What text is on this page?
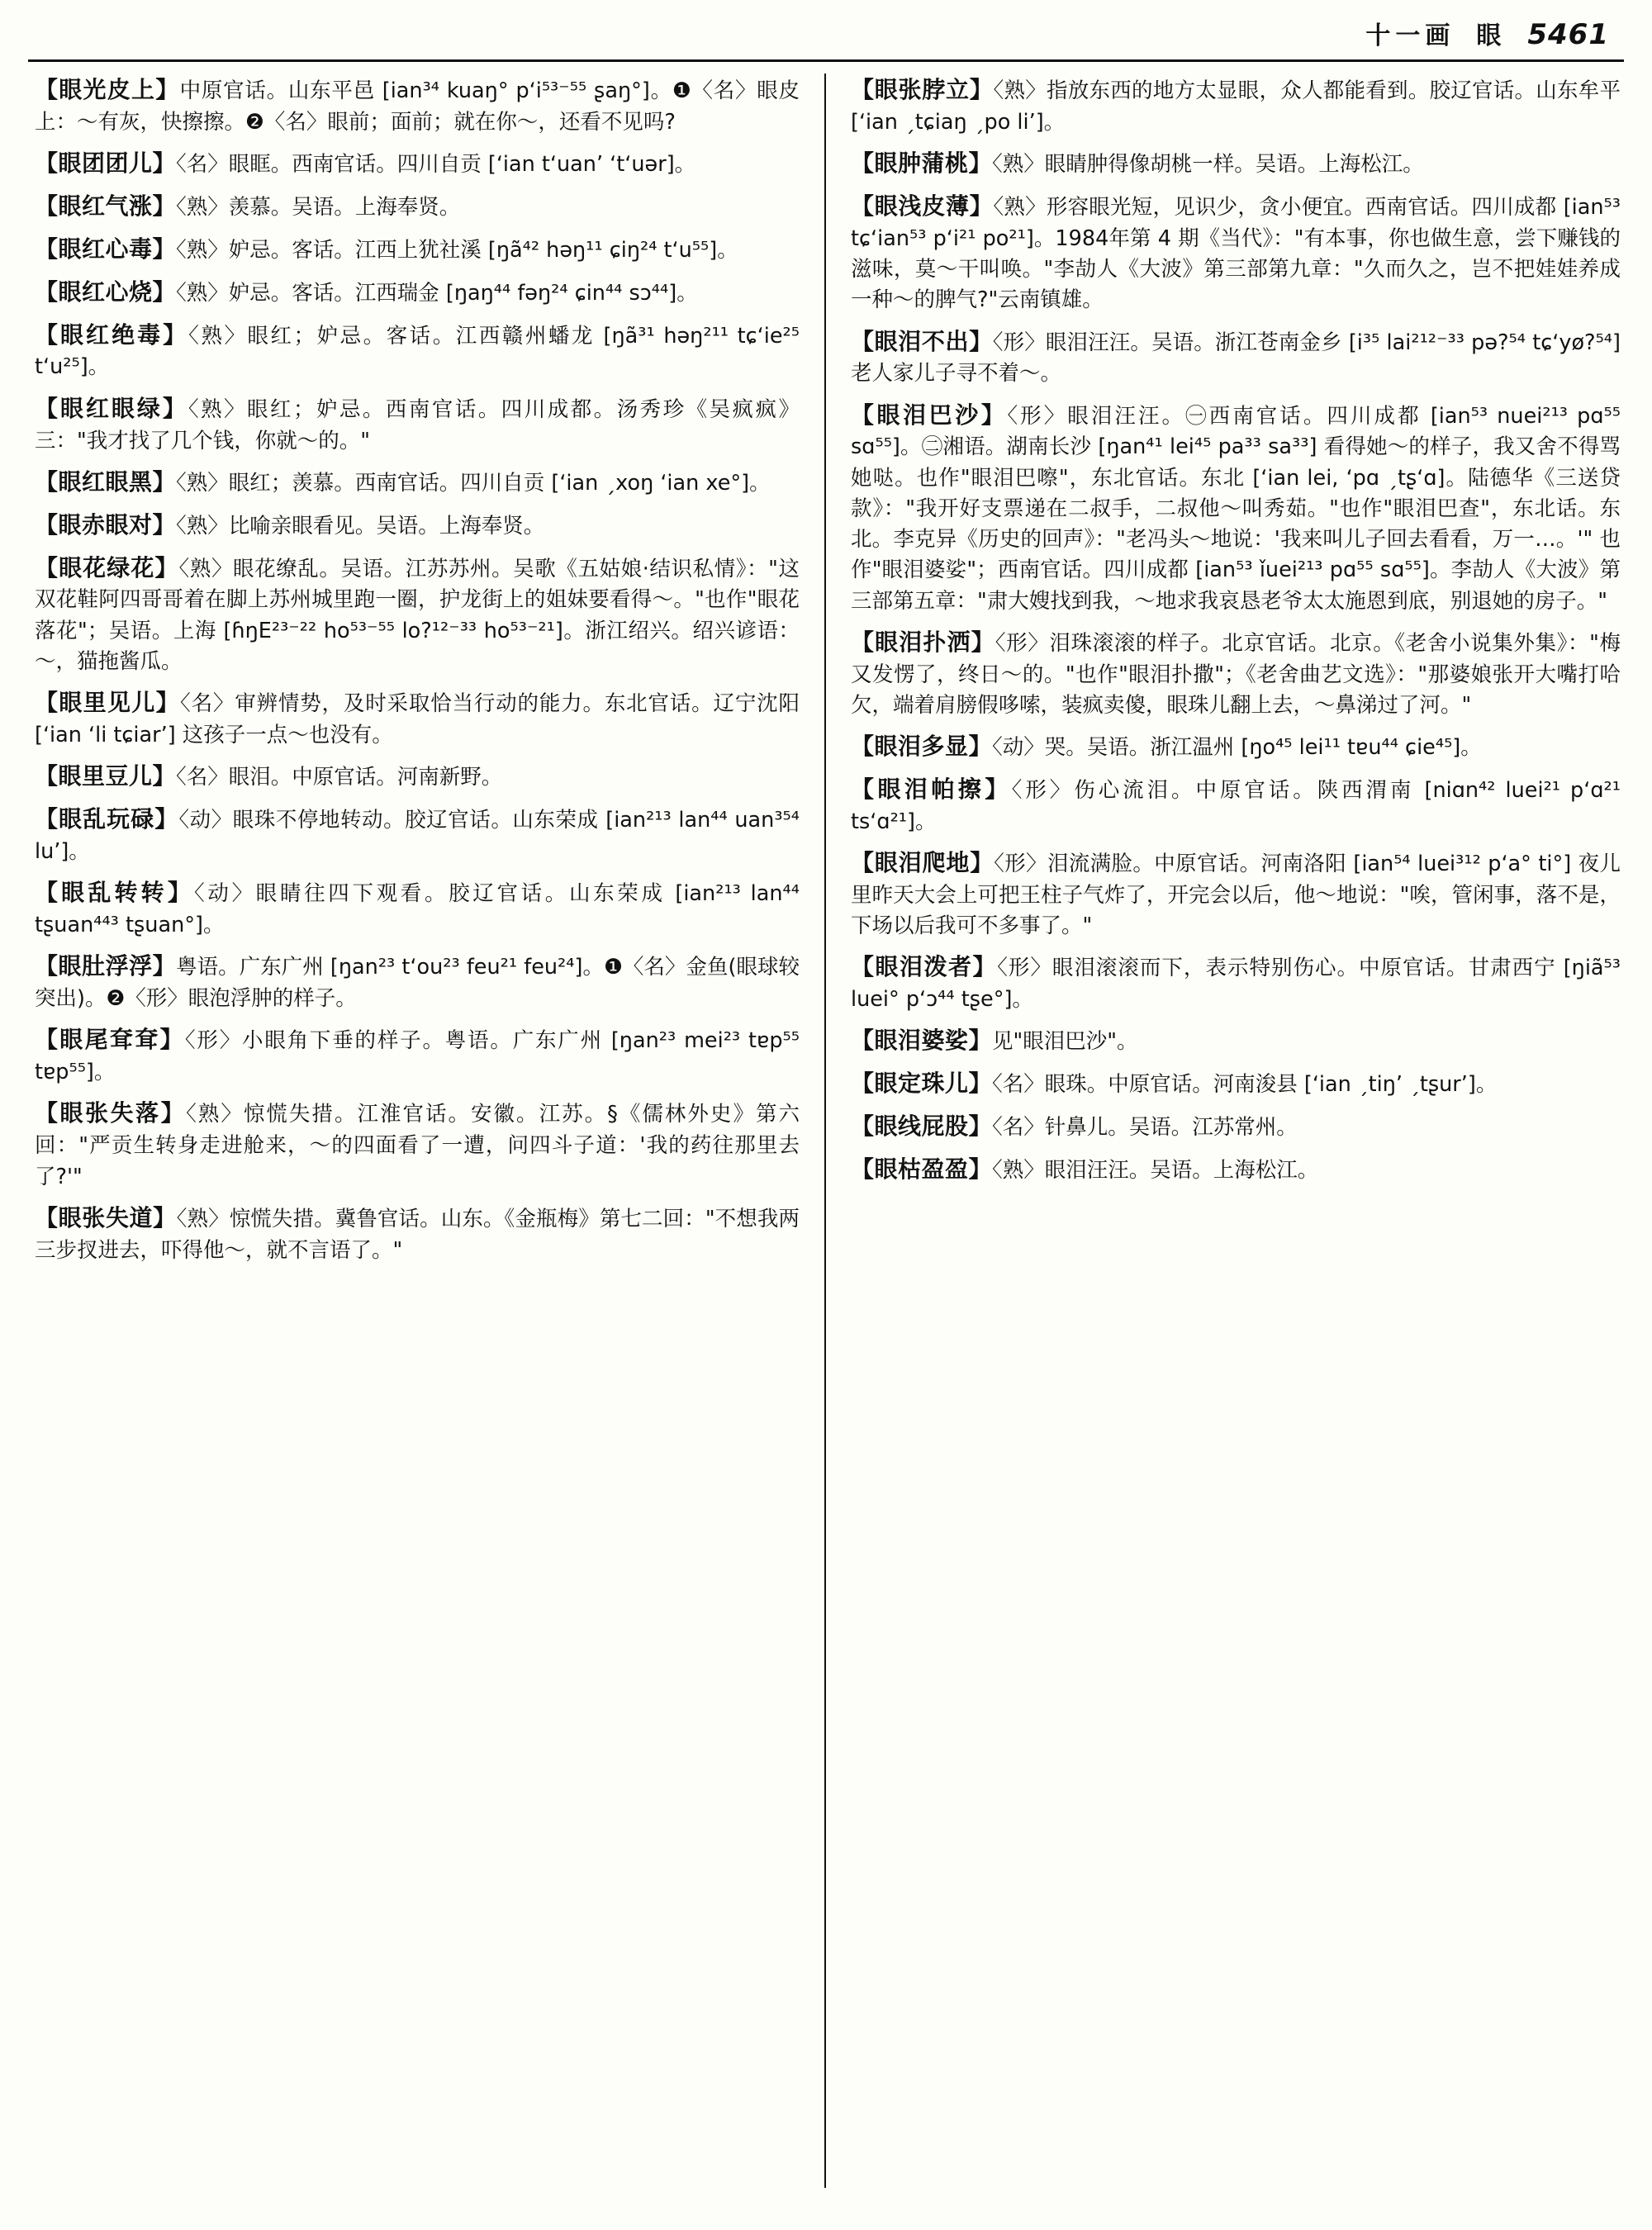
十一画 眼 5461
【眼光皮上】中原官话。山东平邑 [ian³⁴ kuaŋ° pʻi⁵³⁻⁵⁵ ʂaŋ°]。❶〈名〉眼皮上：～有灰，快擦擦。❷〈名〉眼前；面前；就在你～，还看不见吗?
【眼团团儿】〈名〉眼眶。西南官话。四川自贡 [ʻian tʻuanʼ ʻtʻuər]。
【眼红气涨】〈熟〉羡慕。吴语。上海奉贤。
【眼红心毒】〈熟〉妒忌。客话。江西上犹社溪 [ŋã⁴² həŋ¹¹ ɕiŋ²⁴ tʻu⁵⁵]。
【眼红心烧】〈熟〉妒忌。客话。江西瑞金 [ŋaŋ⁴⁴ fəŋ²⁴ ɕin⁴⁴ sɔ⁴⁴]。
【眼红绝毒】〈熟〉眼红；妒忌。客话。江西赣州蟠龙 [ŋã³¹ həŋ²¹¹ tɕʻie²⁵ tʻu²⁵]。
【眼红眼绿】〈熟〉眼红；妒忌。西南官话。四川成都。汤秀珍《吴疯疯》三："我才找了几个钱，你就～的。"
【眼红眼黑】〈熟〉眼红；羡慕。西南官话。四川自贡 [ʻian ˏxoŋ ʻian xe°]。
【眼赤眼对】〈熟〉比喻亲眼看见。吴语。上海奉贤。
【眼花绿花】〈熟〉眼花缭乱。吴语。江苏苏州。吴歌《五姑娘·结识私情》："这双花鞋阿四哥哥着在脚上苏州城里跑一圈，护龙街上的姐妹要看得～。"也作"眼花落花"；吴语。上海 [ɦŋE²³⁻²² ho⁵³⁻⁵⁵ lo?¹²⁻³³ ho⁵³⁻²¹]。浙江绍兴。绍兴谚语：～，猫拖酱瓜。
【眼里见儿】〈名〉审辨情势，及时采取恰当行动的能力。东北官话。辽宁沈阳 [ʻian ʻli tɕiarʼ] 这孩子一点～也没有。
【眼里豆儿】〈名〉眼泪。中原官话。河南新野。
【眼乱玩碌】〈动〉眼珠不停地转动。胶辽官话。山东荣成 [ian²¹³ lan⁴⁴ uan³⁵⁴ luʼ]。
【眼乱转转】〈动〉眼睛往四下观看。胶辽官话。山东荣成 [ian²¹³ lan⁴⁴ tʂuan⁴⁴³ tʂuan°]。
【眼肚浮浮】粤语。广东广州 [ŋan²³ tʻou²³ feu²¹ feu²⁴]。❶〈名〉金鱼(眼球较突出)。❷〈形〉眼泡浮肿的样子。
【眼尾耷耷】〈形〉小眼角下垂的样子。粤语。广东广州 [ŋan²³ mei²³ tɐp⁵⁵ tɐp⁵⁵]。
【眼张失落】〈熟〉惊慌失措。江淮官话。安徽。江苏。§《儒林外史》第六回："严贡生转身走进舱来，～的四面看了一遭，问四斗子道：'我的药往那里去了?'"
【眼张失道】〈熟〉惊慌失措。冀鲁官话。山东。《金瓶梅》第七二回："不想我两三步扠进去，吓得他～，就不言语了。"
【眼张脖立】〈熟〉指放东西的地方太显眼，众人都能看到。胶辽官话。山东牟平 [ʻian ˏtɕiaŋ ˏpo liʼ]。
【眼肿蒲桃】〈熟〉眼睛肿得像胡桃一样。吴语。上海松江。
【眼浅皮薄】〈熟〉形容眼光短，见识少，贪小便宜。西南官话。四川成都 [ian⁵³ tɕʻian⁵³ pʻi²¹ po²¹]。1984年第 4 期《当代》："有本事，你也做生意，尝下赚钱的滋味，莫～干叫唤。"李劼人《大波》第三部第九章："久而久之，岂不把娃娃养成一种～的脾气?"云南镇雄。
【眼泪不出】〈形〉眼泪汪汪。吴语。浙江苍南金乡 [i³⁵ lai²¹²⁻³³ pə?⁵⁴ tɕʻyø?⁵⁴] 老人家儿子寻不着～。
【眼泪巴沙】〈形〉眼泪汪汪。㊀西南官话。四川成都 [ian⁵³ nuei²¹³ pɑ⁵⁵ sɑ⁵⁵]。㊁湘语。湖南长沙 [ŋan⁴¹ lei⁴⁵ pa³³ sa³³] 看得她～的样子，我又舍不得骂她哒。也作"眼泪巴嚓"，东北官话。东北 [ʻian lei, ʻpɑ ˏtʂʻɑ]。陆德华《三送贷款》："我开好支票递在二叔手，二叔他～叫秀茹。"也作"眼泪巴查"，东北话。东北。李克异《历史的回声》："老冯头～地说：'我来叫儿子回去看看，万一…。'" 也作"眼泪婆娑"；西南官话。四川成都 [ian⁵³ ǐuei²¹³ pɑ⁵⁵ sɑ⁵⁵]。李劼人《大波》第三部第五章："肃大嫂找到我，～地求我哀恳老爷太太施恩到底，别退她的房子。"
【眼泪扑洒】〈形〉泪珠滚滚的样子。北京官话。北京。《老舍小说集外集》："梅又发愣了，终日～的。"也作"眼泪扑撒"；《老舍曲艺文选》："那婆娘张开大嘴打哈欠，端着肩膀假哆嗦，装疯卖傻，眼珠儿翻上去，～鼻涕过了河。"
【眼泪多显】〈动〉哭。吴语。浙江温州 [ŋo⁴⁵ lei¹¹ tɐu⁴⁴ ɕie⁴⁵]。
【眼泪帕擦】〈形〉伤心流泪。中原官话。陕西渭南 [niɑn⁴² luei²¹ pʻɑ²¹ tsʻɑ²¹]。
【眼泪爬地】〈形〉泪流满脸。中原官话。河南洛阳 [ian⁵⁴ luei³¹² pʻa° ti°] 夜儿里昨天大会上可把王柱子气炸了，开完会以后，他～地说："唉，管闲事，落不是，下场以后我可不多事了。"
【眼泪泼者】〈形〉眼泪滚滚而下，表示特别伤心。中原官话。甘肃西宁 [ŋiã⁵³ luei° pʻɔ⁴⁴ tʂe°]。
【眼泪婆娑】见"眼泪巴沙"。
【眼定珠儿】〈名〉眼珠。中原官话。河南浚县 [ʻian ˏtiŋʼ ˏtʂurʼ]。
【眼线屁股】〈名〉针鼻儿。吴语。江苏常州。
【眼枯盈盈】〈熟〉眼泪汪汪。吴语。上海松江。
